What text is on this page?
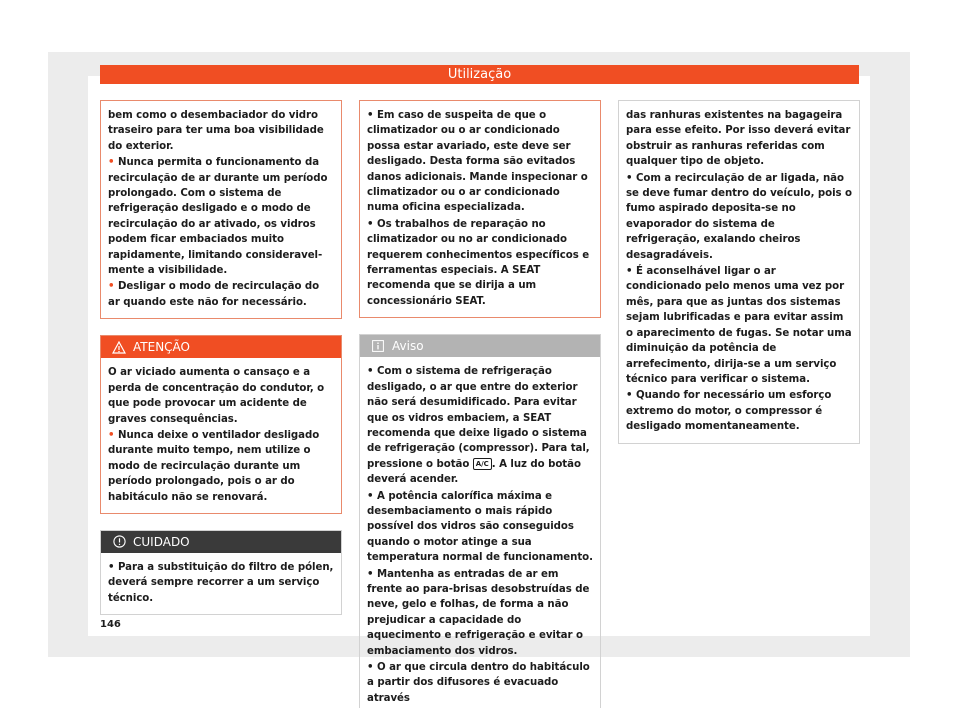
Utilização

bem como o desembaciador do vidro traseiro para ter uma boa visibilidade do exterior.

• Nunca permita o funcionamento da recirculação de ar durante um período prolongado. Com o sistema de refrigeração desligado e o modo de recirculação do ar ativado, os vidros podem ficar embaciados muito rapidamente, limitando consideravelmente a visibilidade.

• Desligar o modo de recirculação do ar quando este não for necessário.

ATENÇÃO

O ar viciado aumenta o cansaço e a perda de concentração do condutor, o que pode provocar um acidente de graves consequências.

• Nunca deixe o ventilador desligado durante muito tempo, nem utilize o modo de recirculação durante um período prolongado, pois o ar do habitáculo não se renovará.

CUIDADO

• Para a substituição do filtro de pólen, deverá sempre recorrer a um serviço técnico.

• Em caso de suspeita de que o climatizador ou o ar condicionado possa estar avariado, este deve ser desligado. Desta forma são evitados danos adicionais. Mande inspecionar o climatizador ou o ar condicionado numa oficina especializada.

• Os trabalhos de reparação no climatizador ou no ar condicionado requerem conhecimentos específicos e ferramentas especiais. A SEAT recomenda que se dirija a um concessionário SEAT.

Aviso

• Com o sistema de refrigeração desligado, o ar que entre do exterior não será desumidificado. Para evitar que os vidros embaciem, a SEAT recomenda que deixe ligado o sistema de refrigeração (compressor). Para tal, pressione o botão A/C . A luz do botão deverá acender.

• A potência calorífica máxima e desembaciamento o mais rápido possível dos vidros são conseguidos quando o motor atinge a sua temperatura normal de funcionamento.

• Mantenha as entradas de ar em frente ao para-brisas desobstruídas de neve, gelo e folhas, de forma a não prejudicar a capacidade do aquecimento e refrigeração e evitar o embaciamento dos vidros.

• O ar que circula dentro do habitáculo a partir dos difusores é evacuado através

das ranhuras existentes na bagageira para esse efeito. Por isso deverá evitar obstruir as ranhuras referidas com qualquer tipo de objeto.

• Com a recirculação de ar ligada, não se deve fumar dentro do veículo, pois o fumo aspirado deposita-se no evaporador do sistema de refrigeração, exalando cheiros desagradáveis.

• É aconselhável ligar o ar condicionado pelo menos uma vez por mês, para que as juntas dos sistemas sejam lubrificadas e para evitar assim o aparecimento de fugas. Se notar uma diminuição da potência de arrefecimento, dirija-se a um serviço técnico para verificar o sistema.

• Quando for necessário um esforço extremo do motor, o compressor é desligado momentaneamente.

146
